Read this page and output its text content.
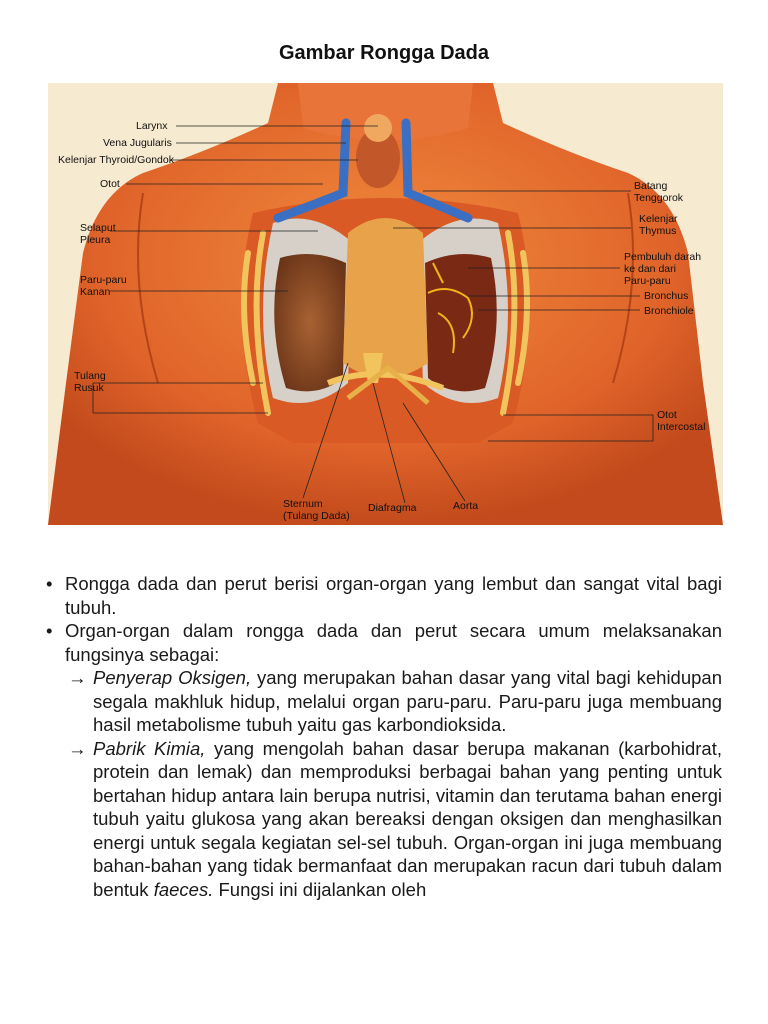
Gambar Rongga Dada
Larynx
Vena Jugularis
Kelenjar Thyroid/Gondok
Otot
Selaput
Pleura
Paru-paru
Kanan
Tulang
Rusuk
Batang
Tenggorok
Kelenjar
Thymus
Pembuluh darah
ke dan dari
Paru-paru
Bronchus
Bronchiole
Otot
Intercostal
Sternum
(Tulang Dada)
Diafragma	Aorta

• Rongga dada dan perut berisi organ-organ yang lembut dan sangat vital bagi tubuh.

• Organ-organ dalam rongga dada dan perut secara umum melaksanakan fungsinya sebagai:

→ Penyerap Oksigen, yang merupakan bahan dasar yang vital bagi kehidupan segala makhluk hidup, melalui organ paru-paru. Paru-paru juga membuang hasil metabolisme tubuh yaitu gas karbondioksida.

→ Pabrik Kimia, yang mengolah bahan dasar berupa makanan (karbohidrat, protein dan lemak) dan memproduksi berbagai bahan yang penting untuk bertahan hidup antara lain berupa nutrisi, vitamin dan terutama bahan energi tubuh yaitu glukosa yang akan bereaksi dengan oksigen dan menghasilkan energi untuk segala kegiatan sel-sel tubuh. Organ-organ ini juga membuang bahan-bahan yang tidak bermanfaat dan merupakan racun dari tubuh dalam bentuk faeces. Fungsi ini dijalankan oleh
